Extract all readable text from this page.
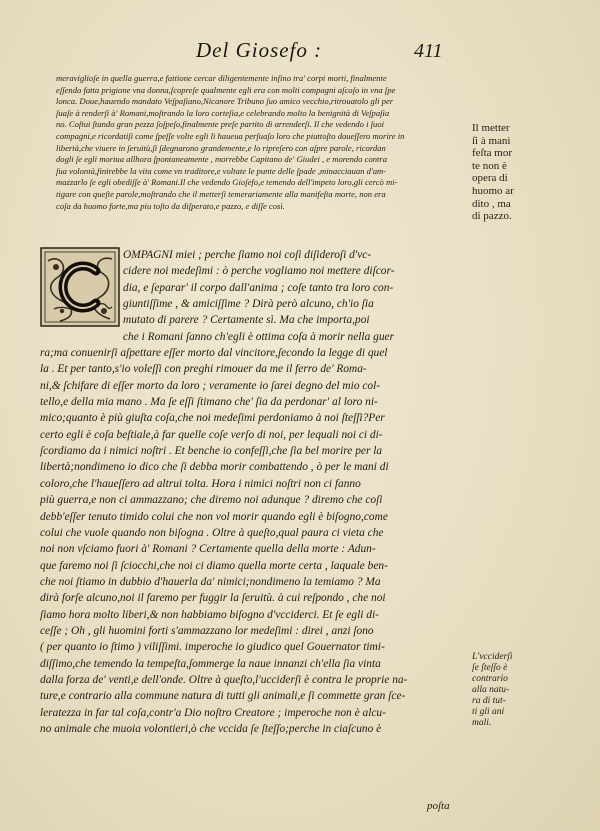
Del Giosefo :	411
meraviglioſe in quella guerra,e fattione cercar diligentemente inſino tra' corpi morti, finalmente
eſſendo fatta prigione vna donna,ſcopreſe qualmente egli era con molti compagni aſcoſo in vna ſpe
lonca. Doue,hauendo mandato Veſpaſiano,Nicanore Tribuno ſuo amico vecchio,ritrouatolo gli per
ſuaſe à renderſi à' Romani,moſtrando la loro corteſia,e celebrando molto la benignità di Veſpaſia
no. Coſtui ſtando gran pezza ſoſpeſo,finalmente preſe partito di arrenderſi. Il che vedendo i ſuoi
compagni,e ricordatiſi come ſpeſſe volte egli li haueua perſuaſo loro che piuttoſto doueſſero morire in
libertà,che viuere in ſeruitù,ſi ſdegnarono grandemente,e lo ripreſero con aſpre parole, ricordan
dogli ſe egli moriua allhora ſpontaneamente , morrebbe Capitano de' Giudei , e morendo contra
ſua volontà,finirebbe la vita come vn traditore,e voltate le punte delle ſpade ,minacciauan d'am-
mazzarlo ſe egli obediſſe à' Romani.Il che vedendo Gioſefo,e temendo dell'impeto loro,gli cercò mi-
tigare con queſte parole,moſtrando che il metterſi temerariamente alla manifeſta morte, non era
coſa da huomo forte,ma piu toſto da diſperato,e pazzo, e diſſe così.
Il metter
ſi à mani
feſta mor
te non è
opera di
huomo ar
dito , ma
di pazzo.
OMPAGNI miei ; perche ſiamo noi coſi diſideroſi d'vc-
cidere noi medeſimi : ò perche vogliamo noi mettere diſcor-
dia, e ſeparar' il corpo dall'anima ; coſe tanto tra loro con-
giuntiſſime , & amiciſſime ? Dirà però alcuno, ch'io ſia
mutato di parere ? Certamente sì. Ma che importa,poi
che i Romani ſanno ch'egli è ottima coſa à morir nella guer
ra;ma conuenirſi aſpettare eſſer morto dal vincitore,ſecondo la legge di quel
la . Et per tanto,s'io voleſſi con preghi rimouer da me il ferro de' Roma-
ni,& ſchifare di eſſer morto da loro ; veramente io ſarei degno del mio col-
tello,e della mia mano . Ma ſe eſſi ſtimano che' ſia da perdonar' al loro ni-
mico;quanto è più giuſta coſa,che noi medeſimi perdoniamo à noi ſteſſi?Per
certo egli è coſa beſtiale,à far quelle coſe verſo di noi, per lequali noi ci di-
ſcordiamo da i nimici noſtri . Et benche io confeſſi,che ſia bel morire per la
libertà;nondimeno io dico che ſi debba morir combattendo , ò per le mani di
coloro,che l'haueſſero ad altrui tolta. Hora i nimici noſtri non ci fanno
più guerra,e non ci ammazzano; che diremo noi adunque ? diremo che coſi
debb'eſſer tenuto timido colui che non vol morir quando egli è biſogno,come
colui che vuole quando non biſogna . Oltre à queſto,qual paura ci vieta che
noi non vſciamo fuori à' Romani ? Certamente quella della morte : Adun-
que faremo noi ſi ſciocchi,che noi ci diamo quella morte certa , laquale ben-
che noi ſtiamo in dubbio d'hauerla da' nimici;nondimeno la temiamo ? Ma
dirà forſe alcuno,noi il faremo per fuggir la ſeruitù. à cui reſpondo , che noi
ſiamo hora molto liberi,& non habbiamo biſogno d'vcciderci. Et ſe egli di-
ceſſe ; Oh , gli huomini forti s'ammazzano lor medeſimi : direi , anzi ſono
( per quanto io ſtimo ) viliſſimi. imperoche io giudico quel Gouernator timi-
diſſimo,che temendo la tempeſta,ſommerge la naue innanzi ch'ella ſia vinta
dalla forza de' venti,e dell'onde. Oltre à queſto,l'ucciderſi è contra le proprie na-
ture,e contrario alla commune natura di tutti gli animali,e ſi commette gran ſce-
leratezza in far tal coſa,contr'a Dio noſtro Creatore ; imperoche non è alcu-
no animale che muoia volontieri,ò che vccida ſe ſteſſo;perche in ciaſcuno è
L'vcciderſi
ſe ſteſſo è
contrario
alla natu-
ra di tut-
ti gli ani
mali.
poſta
